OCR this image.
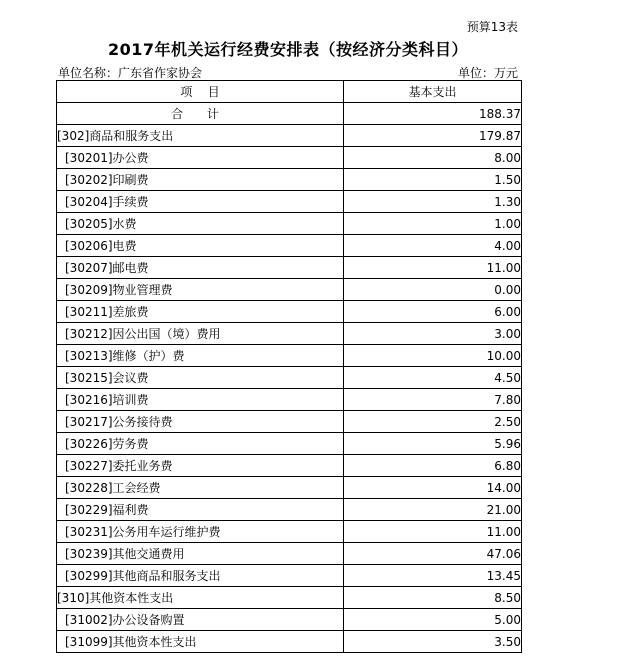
预算13表
2017年机关运行经费安排表（按经济分类科目）
单位名称：广东省作家协会	单位：万元
项    目	基本支出
合 计	188.37
[302]商品和服务支出	179.87
[30201]办公费	8.00
[30202]印刷费	1.50
[30204]手续费	1.30
[30205]水费	1.00
[30206]电费	4.00
[30207]邮电费	11.00
[30209]物业管理费	0.00
[30211]差旅费	6.00
[30212]因公出国（境）费用	3.00
[30213]维修（护）费	10.00
[30215]会议费	4.50
[30216]培训费	7.80
[30217]公务接待费	2.50
[30226]劳务费	5.96
[30227]委托业务费	6.80
[30228]工会经费	14.00
[30229]福利费	21.00
[30231]公务用车运行维护费	11.00
[30239]其他交通费用	47.06
[30299]其他商品和服务支出	13.45
[310]其他资本性支出	8.50
[31002]办公设备购置	5.00
[31099]其他资本性支出	3.50
